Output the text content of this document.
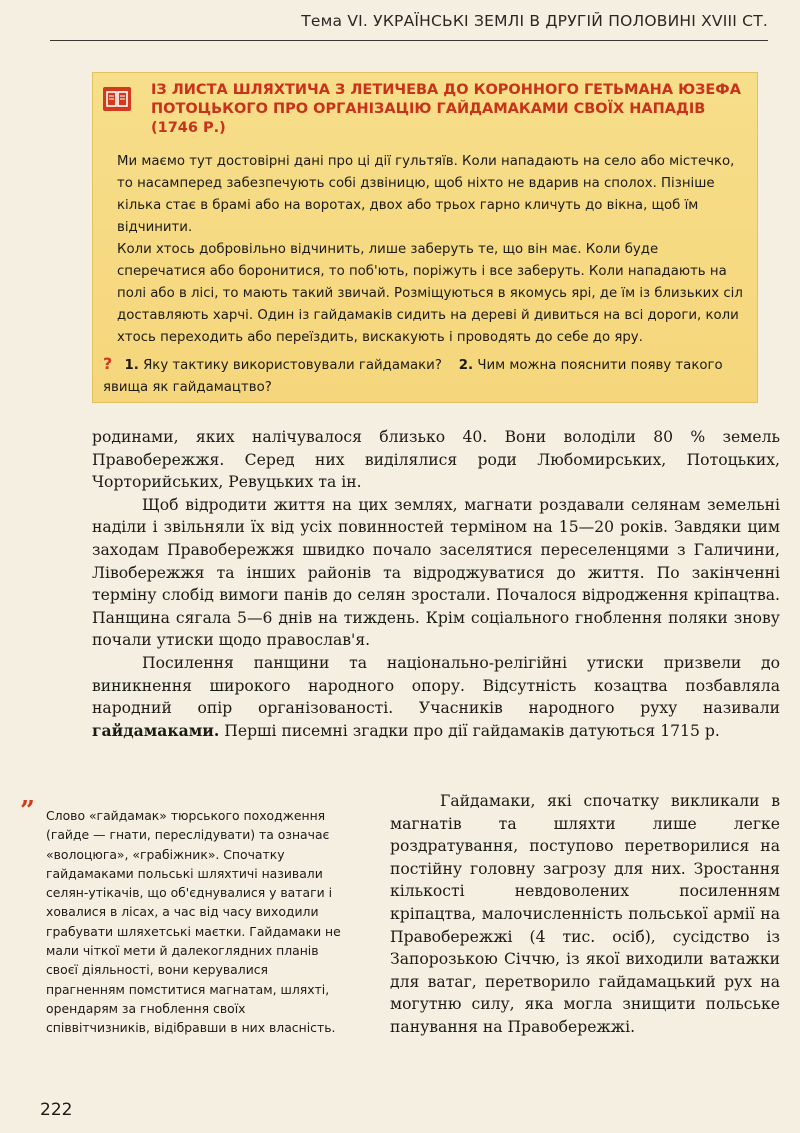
Тема VI. УКРАЇНСЬКІ ЗЕМЛІ В ДРУГІЙ ПОЛОВИНІ XVIII СТ.
ІЗ ЛИСТА ШЛЯХТИЧА З ЛЕТИЧЕВА ДО КОРОННОГО ГЕТЬМАНА ЮЗЕФА ПОТОЦЬКОГО ПРО ОРГАНІЗАЦІЮ ГАЙДАМАКАМИ СВОЇХ НАПАДІВ (1746 Р.)

Ми маємо тут достовірні дані про ці дії гультяїв. Коли нападають на село або містечко, то насамперед забезпечують собі дзвіницю, щоб ніхто не вдарив на сполох. Пізніше кілька стає в брамі або на воротах, двох або трьох гарно кличуть до вікна, щоб їм відчинити.

Коли хтось добровільно відчинить, лише заберуть те, що він має. Коли буде сперечатися або боронитися, то поб'ють, поріжуть і все заберуть. Коли нападають на полі або в лісі, то мають такий звичай. Розміщуються в якомусь ярі, де їм із близьких сіл доставляють харчі. Один із гайдамаків сидить на дереві й дивиться на всі дороги, коли хтось переходить або переїздить, вискакують і проводять до себе до яру.

? 1. Яку тактику використовували гайдамаки? 2. Чим можна пояснити появу такого явища як гайдамацтво?

родинами, яких налічувалося близько 40. Вони володіли 80 % земель Правобережжя. Серед них виділялися роди Любомирських, Потоцьких, Чорторийських, Ревуцьких та ін.

Щоб відродити життя на цих землях, магнати роздавали селянам земельні наділи і звільняли їх від усіх повинностей терміном на 15—20 років. Завдяки цим заходам Правобережжя швидко почало заселятися переселенцями з Галичини, Лівобережжя та інших районів та відроджуватися до життя. По закінченні терміну слобід вимоги панів до селян зростали. Почалося відродження кріпацтва. Панщина сягала 5—6 днів на тиждень. Крім соціального гноблення поляки знову почали утиски щодо православ'я.

Посилення панщини та національно-релігійні утиски призвели до виникнення широкого народного опору. Відсутність козацтва позбавляла народний опір організованості. Учасників народного руху називали гайдамаками. Перші писемні згадки про дії гайдамаків датуються 1715 р.

” Слово «гайдамак» тюрського походження (гайде — гнати, переслідувати) та означає «волоцюга», «грабіжник». Спочатку гайдамаками польські шляхтичі називали селян-утікачів, що об'єднувалися у ватаги і ховалися в лісах, а час від часу виходили грабувати шляхетські маєтки. Гайдамаки не мали чіткої мети й далекоглядних планів своєї діяльності, вони керувалися прагненням помститися магнатам, шляхті, орендарям за гноблення своїх співвітчизників, відібравши в них власність.

Гайдамаки, які спочатку викликали в магнатів та шляхти лише легке роздратування, поступово перетворилися на постійну головну загрозу для них. Зростання кількості невдоволених посиленням кріпацтва, малочисленність польської армії на Правобережжі (4 тис. осіб), сусідство із Запорозькою Січчю, із якої виходили ватажки для ватаг, перетворило гайдамацький рух на могутню силу, яка могла знищити польське панування на Правобережжі.

222
